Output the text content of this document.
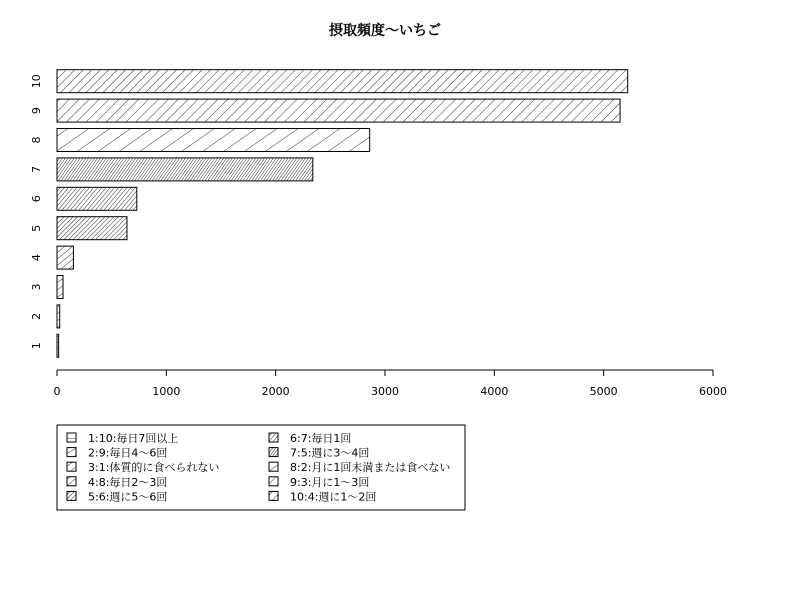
摂取頻度〜いちご
1
2
3
4
5
6
7
8
9
10
0	1000	2000	3000	4000	5000	6000
1:10:毎日7回以上
2:9:毎日4〜6回
3:1:体質的に食べられない
4:8:毎日2〜3回
5:6:週に5〜6回
6:7:毎日1回
7:5:週に3〜4回
8:2:月に1回未満または食べない
9:3:月に1〜3回
10:4:週に1〜2回
